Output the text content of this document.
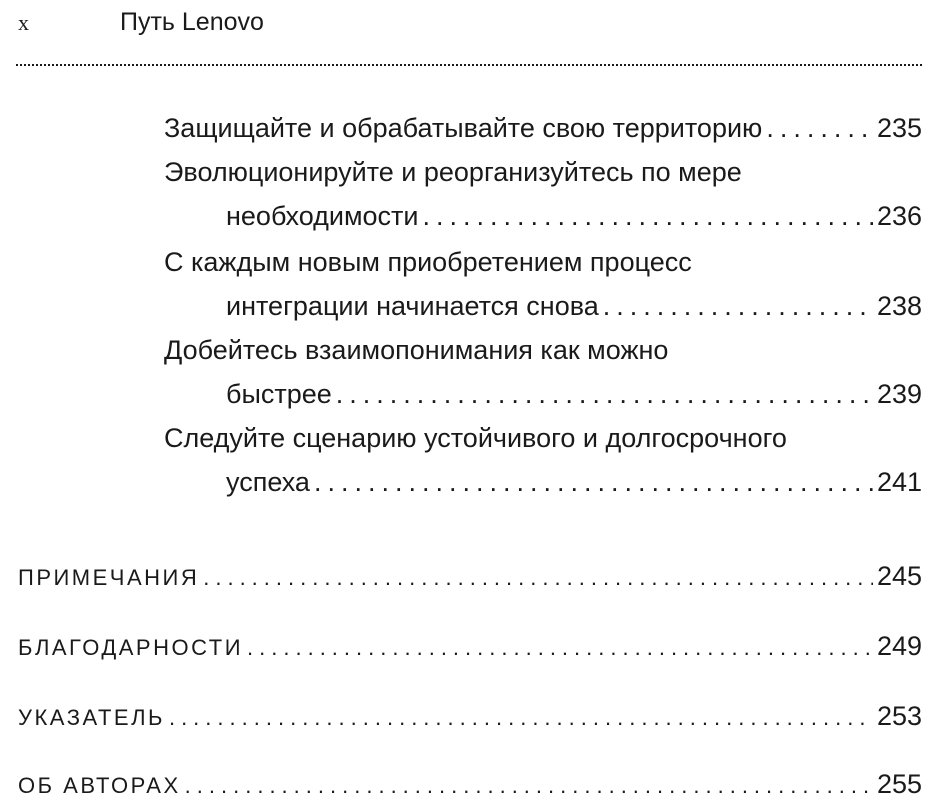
x	Путь Lenovo
Защищайте и обрабатывайте свою территорию .....	235
Эволюционируйте и реорганизуйтесь по мере
необходимости .....	236
С каждым новым приобретением процесс
интеграции начинается снова .....	238
Добейтесь взаимопонимания как можно
быстрее .....	239
Следуйте сценарию устойчивого и долгосрочного
успеха .....	241
ПРИМЕЧАНИЯ .....	245
БЛАГОДАРНОСТИ .....	249
УКАЗАТЕЛЬ .....	253
ОБ АВТОРАХ .....	255
